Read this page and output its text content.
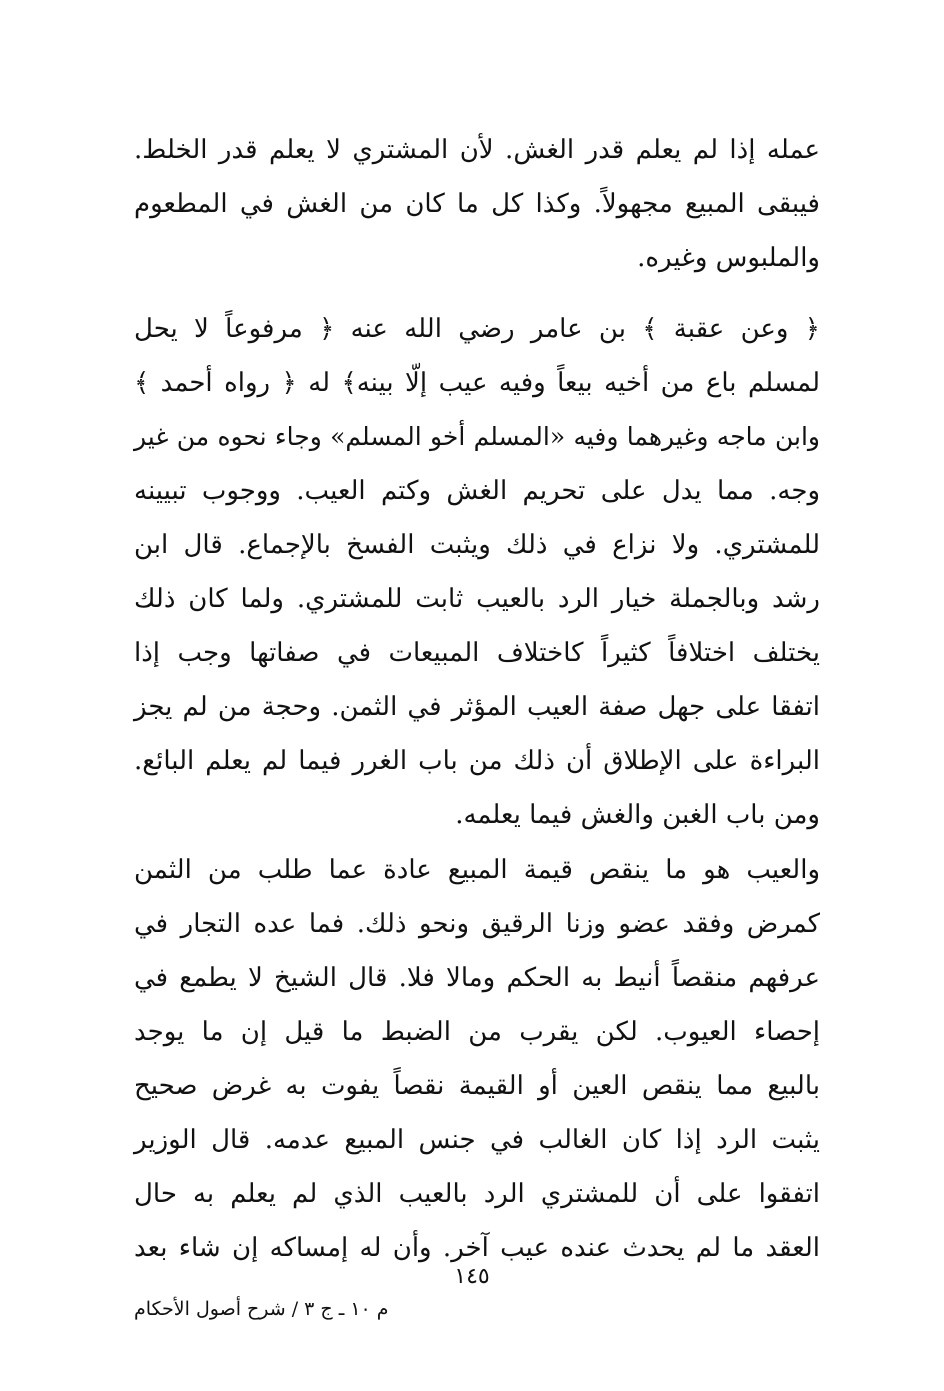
عمله إذا لم يعلم قدر الغش. لأن المشتري لا يعلم قدر الخلط.
فيبقى المبيع مجهولاً. وكذا كل ما كان من الغش في المطعوم
والملبوس وغيره.
﴿ وعن عقبة ﴾ بن عامر رضي الله عنه ﴿ مرفوعاً لا يحل
لمسلم باع من أخيه بيعاً وفيه عيب إلّا بينه﴾ له ﴿ رواه أحمد ﴾
وابن ماجه وغيرهما وفيه «المسلم أخو المسلم» وجاء نحوه من غير
وجه. مما يدل على تحريم الغش وكتم العيب. ووجوب تبيينه
للمشتري. ولا نزاع في ذلك ويثبت الفسخ بالإجماع. قال ابن
رشد وبالجملة خيار الرد بالعيب ثابت للمشتري. ولما كان ذلك
يختلف اختلافاً كثيراً كاختلاف المبيعات في صفاتها وجب إذا
اتفقا على جهل صفة العيب المؤثر في الثمن. وحجة من لم يجز
البراءة على الإطلاق أن ذلك من باب الغرر فيما لم يعلم البائع.
ومن باب الغبن والغش فيما يعلمه.
والعيب هو ما ينقص قيمة المبيع عادة عما طلب من الثمن
كمرض وفقد عضو وزنا الرقيق ونحو ذلك. فما عده التجار في
عرفهم منقصاً أنيط به الحكم ومالا فلا. قال الشيخ لا يطمع في
إحصاء العيوب. لكن يقرب من الضبط ما قيل إن ما يوجد
بالبيع مما ينقص العين أو القيمة نقصاً يفوت به غرض صحيح
يثبت الرد إذا كان الغالب في جنس المبيع عدمه. قال الوزير
اتفقوا على أن للمشتري الرد بالعيب الذي لم يعلم به حال
العقد ما لم يحدث عنده عيب آخر. وأن له إمساكه إن شاء بعد
١٤٥
م ١٠ ـ ج ٣ / شرح أصول الأحكام
